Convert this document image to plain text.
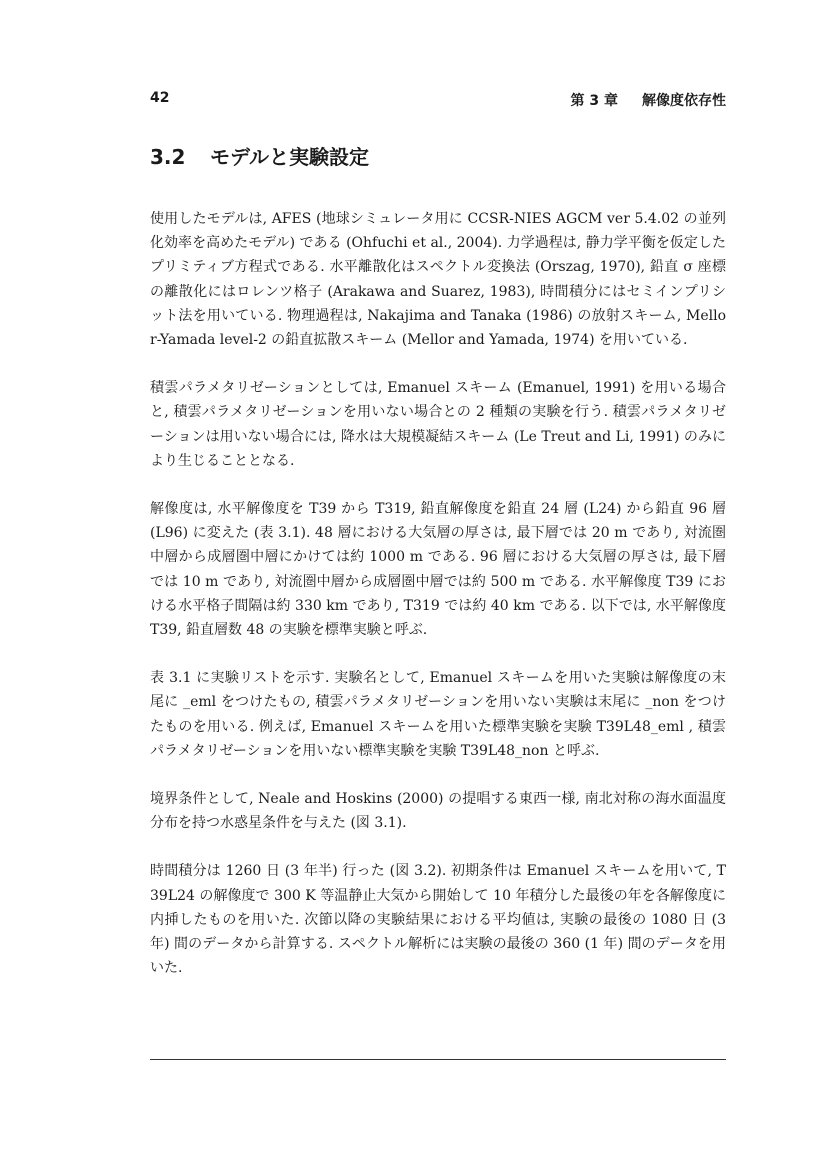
42	第 3 章 解像度依存性
3.2 モデルと実験設定

使用したモデルは, AFES (地球シミュレータ用に CCSR-NIES AGCM ver 5.4.02 の並列化効率を高めたモデル) である (Ohfuchi et al., 2004). 力学過程は, 静力学平衡を仮定したプリミティブ方程式である. 水平離散化はスペクトル変換法 (Orszag, 1970), 鉛直 σ 座標の離散化にはロレンツ格子 (Arakawa and Suarez, 1983), 時間積分にはセミインプリシット法を用いている. 物理過程は, Nakajima and Tanaka (1986) の放射スキーム, Mellor-Yamada level-2 の鉛直拡散スキーム (Mellor and Yamada, 1974) を用いている.

積雲パラメタリゼーションとしては, Emanuel スキーム (Emanuel, 1991) を用いる場合と, 積雲パラメタリゼーションを用いない場合との 2 種類の実験を行う. 積雲パラメタリゼーションは用いない場合には, 降水は大規模凝結スキーム (Le Treut and Li, 1991) のみにより生じることとなる.

解像度は, 水平解像度を T39 から T319, 鉛直解像度を鉛直 24 層 (L24) から鉛直 96 層 (L96) に変えた (表 3.1). 48 層における大気層の厚さは, 最下層では 20 m であり, 対流圏中層から成層圏中層にかけては約 1000 m である. 96 層における大気層の厚さは, 最下層では 10 m であり, 対流圏中層から成層圏中層では約 500 m である. 水平解像度 T39 における水平格子間隔は約 330 km であり, T319 では約 40 km である. 以下では, 水平解像度 T39, 鉛直層数 48 の実験を標準実験と呼ぶ.

表 3.1 に実験リストを示す. 実験名として, Emanuel スキームを用いた実験は解像度の末尾に _eml をつけたもの, 積雲パラメタリゼーションを用いない実験は末尾に _non をつけたものを用いる. 例えば, Emanuel スキームを用いた標準実験を実験 T39L48_eml , 積雲パラメタリゼーションを用いない標準実験を実験 T39L48_non と呼ぶ.

境界条件として, Neale and Hoskins (2000) の提唱する東西一様, 南北対称の海水面温度分布を持つ水惑星条件を与えた (図 3.1).

時間積分は 1260 日 (3 年半) 行った (図 3.2). 初期条件は Emanuel スキームを用いて, T39L24 の解像度で 300 K 等温静止大気から開始して 10 年積分した最後の年を各解像度に内挿したものを用いた. 次節以降の実験結果における平均値は, 実験の最後の 1080 日 (3 年) 間のデータから計算する. スペクトル解析には実験の最後の 360 (1 年) 間のデータを用いた.
